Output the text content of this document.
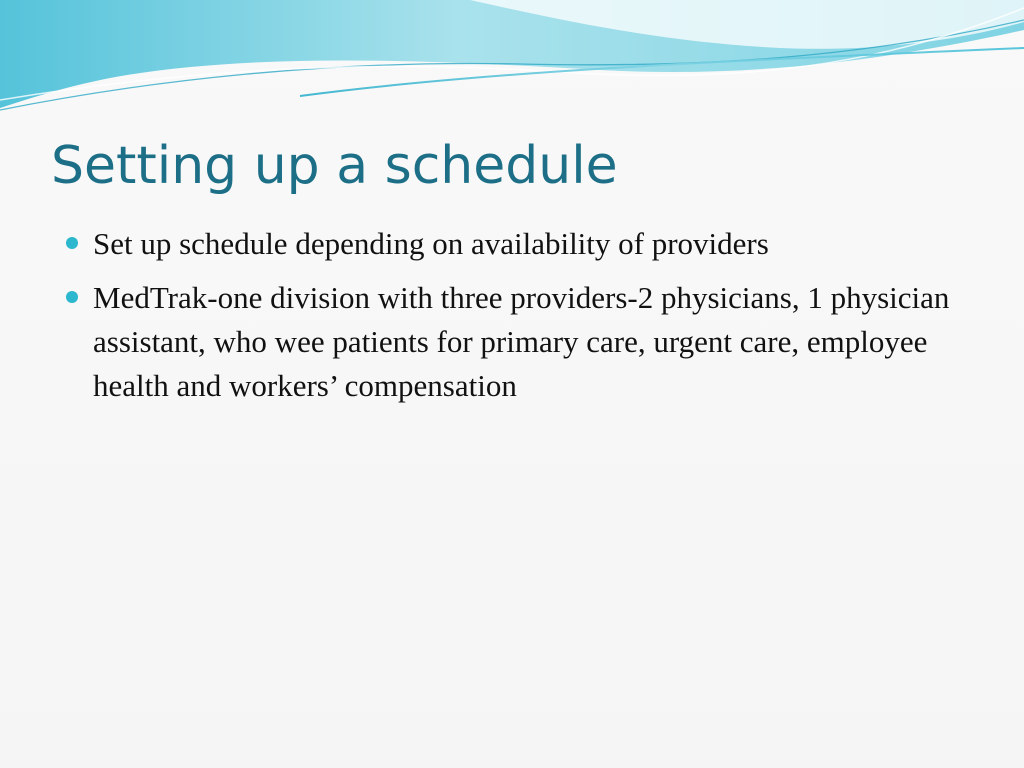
Setting up a schedule
Set up schedule depending on availability of providers
MedTrak-one division with three providers-2 physicians, 1 physician assistant, who wee patients for primary care, urgent care, employee health and workers’ compensation
